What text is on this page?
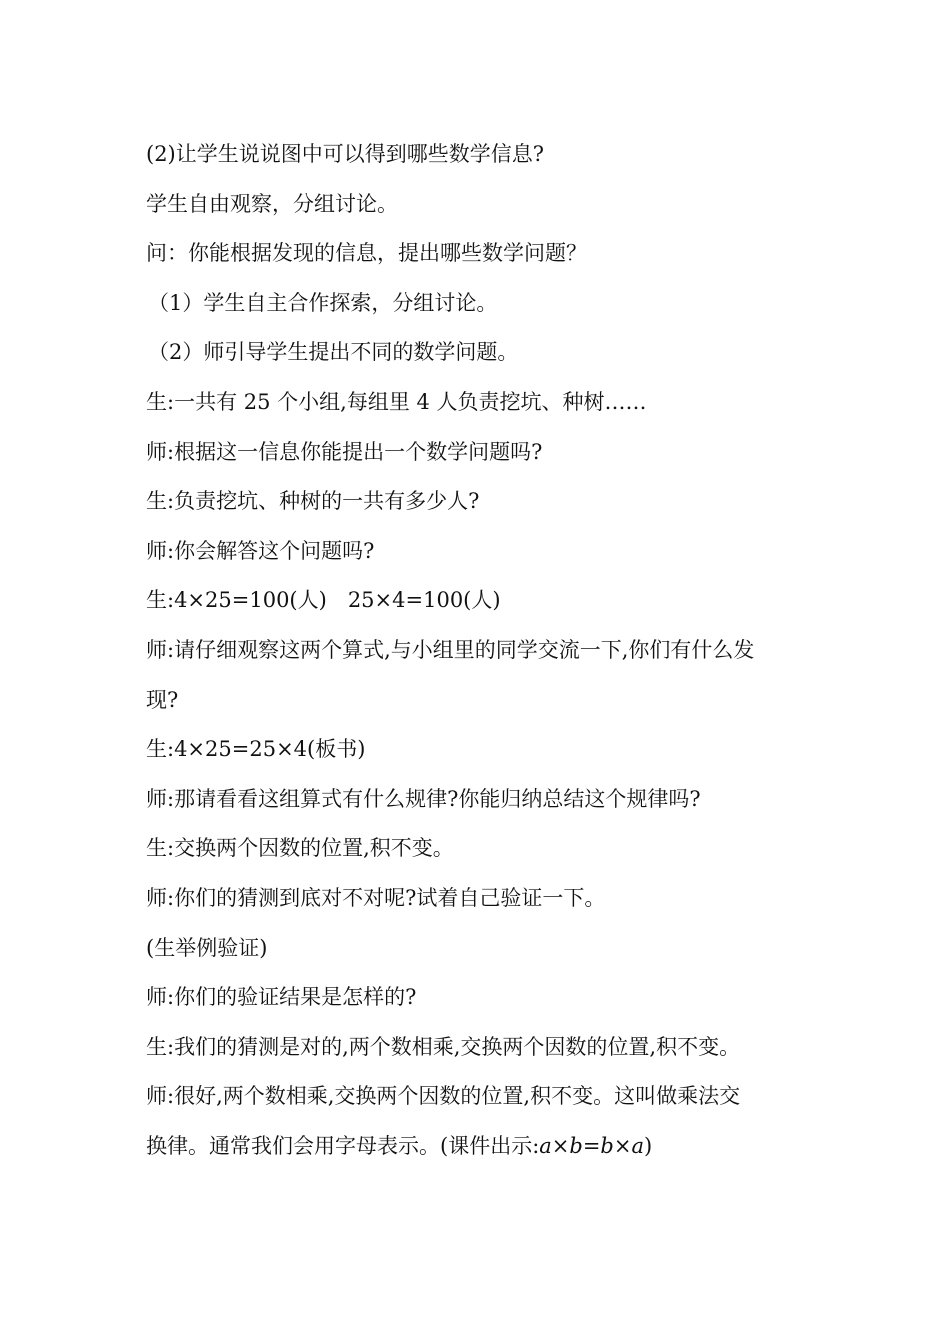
(2)让学生说说图中可以得到哪些数学信息?
学生自由观察，分组讨论。
问：你能根据发现的信息，提出哪些数学问题？
（1）学生自主合作探索，分组讨论。
（2）师引导学生提出不同的数学问题。
生:一共有 25 个小组,每组里 4 人负责挖坑、种树……
师:根据这一信息你能提出一个数学问题吗?
生:负责挖坑、种树的一共有多少人?
师:你会解答这个问题吗?
生:4×25=100(人)　25×4=100(人)
师:请仔细观察这两个算式,与小组里的同学交流一下,你们有什么发
现?
生:4×25=25×4(板书)
师:那请看看这组算式有什么规律?你能归纳总结这个规律吗?
生:交换两个因数的位置,积不变。
师:你们的猜测到底对不对呢?试着自己验证一下。
(生举例验证)
师:你们的验证结果是怎样的?
生:我们的猜测是对的,两个数相乘,交换两个因数的位置,积不变。
师:很好,两个数相乘,交换两个因数的位置,积不变。这叫做乘法交
换律。通常我们会用字母表示。(课件出示:a×b=b×a)
